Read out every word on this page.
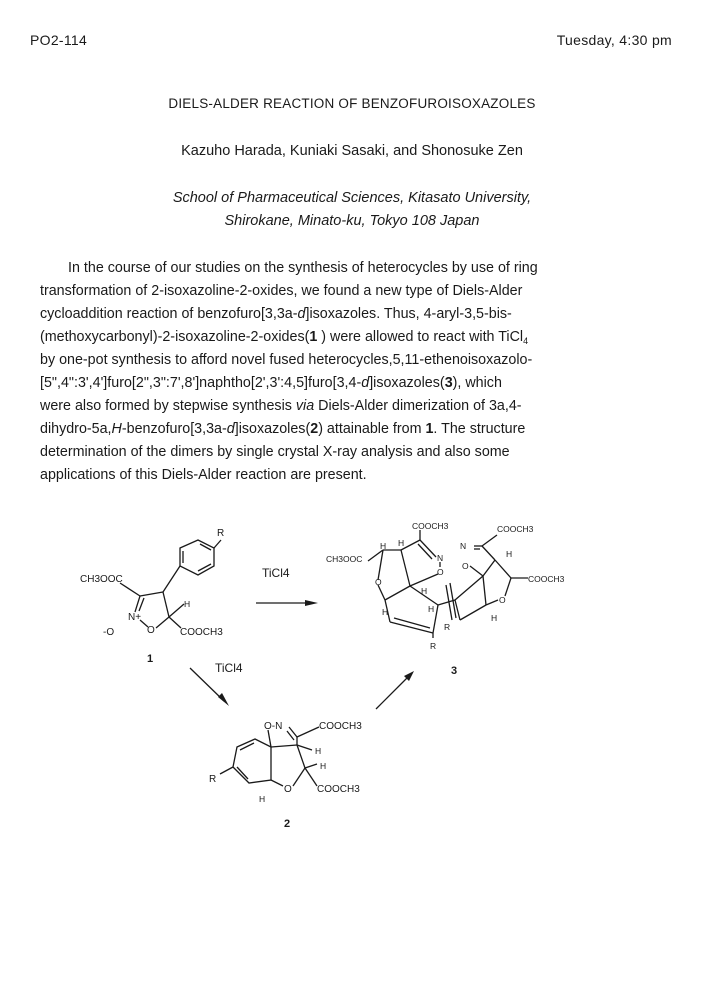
PO2-114	Tuesday, 4:30 pm
DIELS-ALDER REACTION OF BENZOFUROISOXAZOLES
Kazuho Harada, Kuniaki Sasaki, and Shonosuke Zen
School of Pharmaceutical Sciences, Kitasato University,
Shirokane, Minato-ku, Tokyo 108 Japan
In the course of our studies on the synthesis of heterocycles by use of ring
transformation of 2-isoxazoline-2-oxides, we found a new type of Diels-Alder
cycloaddition reaction of benzofuro[3,3a-d]isoxazoles. Thus, 4-aryl-3,5-bis-
(methoxycarbonyl)-2-isoxazoline-2-oxides(1 ) were allowed to react with TiCl$_4$
by one-pot synthesis to afford novel fused heterocycles,5,11-ethenoisoxazolo-
[5",4":3',4']furo[2",3":7',8']naphtho[2',3':4,5]furo[3,4-d]isoxazoles(3), which
were also formed by stepwise synthesis via Diels-Alder dimerization of 3a,4-
dihydro-5a,H-benzofuro[3,3a-d]isoxazoles(2) attainable from 1. The structure
determination of the dimers by single crystal X-ray analysis and also some
applications of this Diels-Alder reaction are present.
R
CH3OOC
H
N+
-O	O	COOCH3
1
TiCl4
TiCl4
O-N	COOCH3
H
H
R
O	COOCH3
H
2
COOCH3	COOCH3
CH3OOC
COOCH3
H H
H
H
H
H
H
N
N
O
O
O
O
R
R
3
